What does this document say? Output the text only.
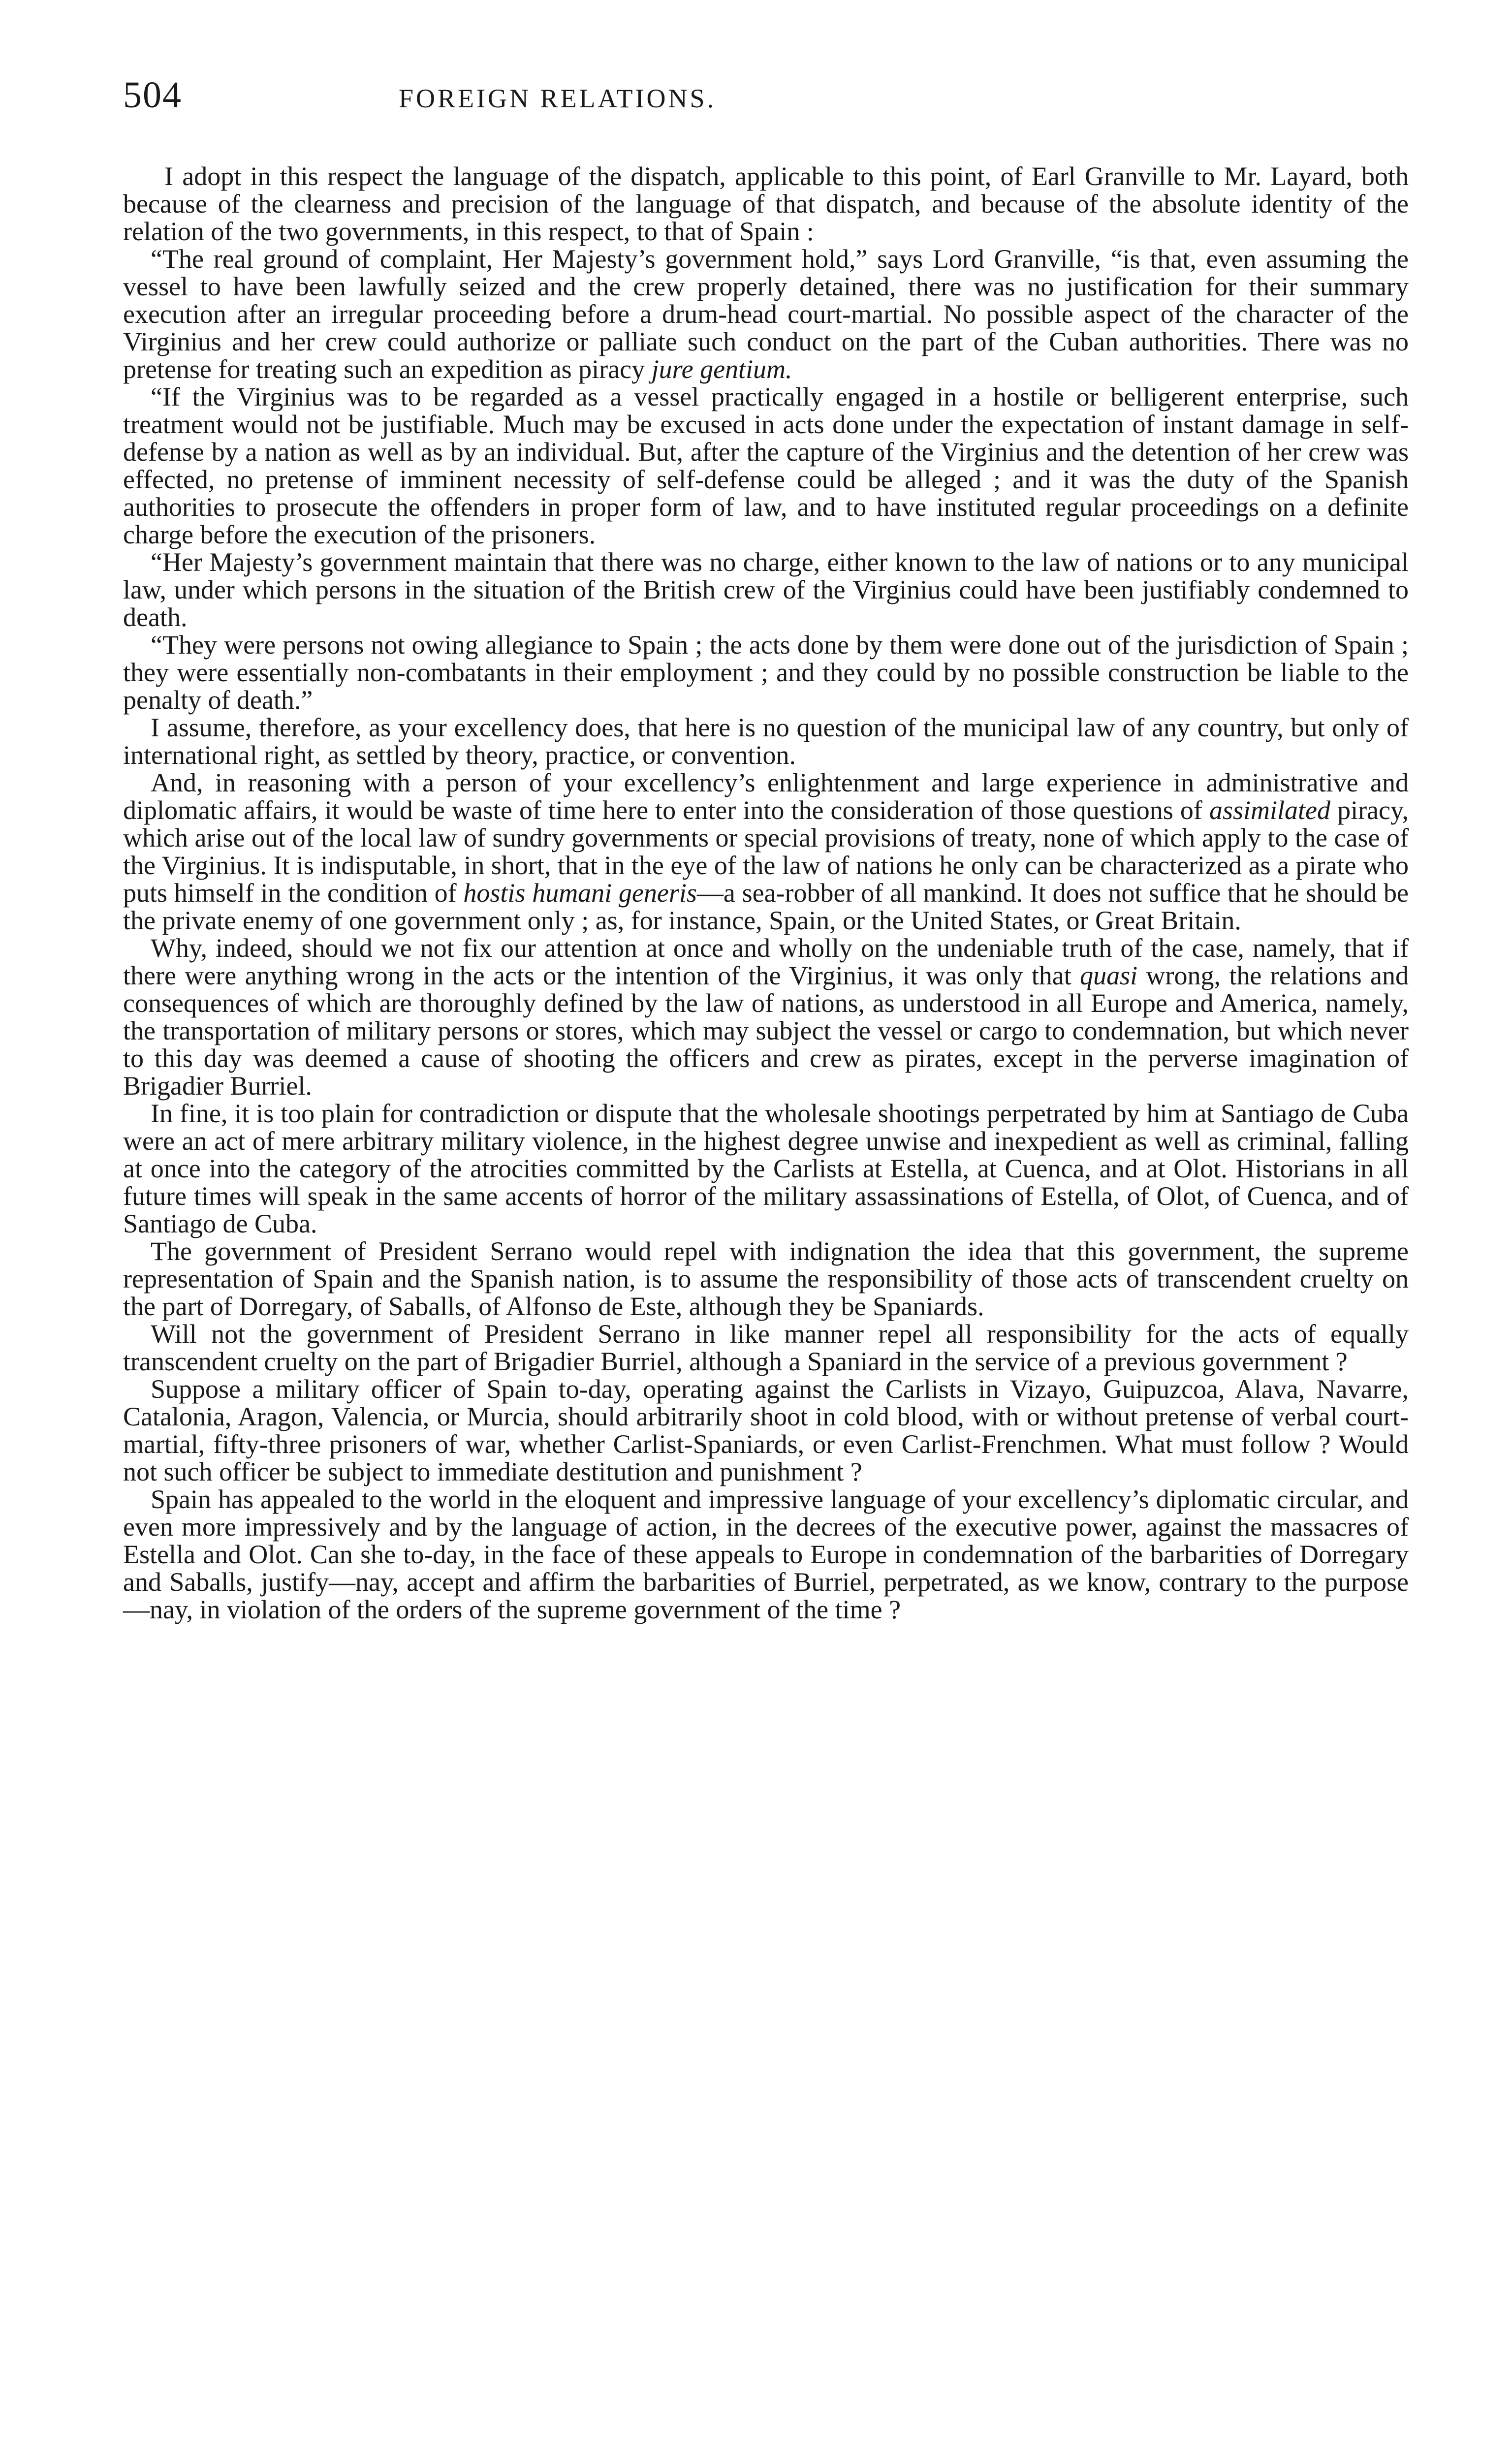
504	FOREIGN RELATIONS.

I adopt in this respect the language of the dispatch, applicable to this point, of Earl Granville to Mr. Layard, both because of the clearness and precision of the language of that dispatch, and because of the absolute identity of the relation of the two governments, in this respect, to that of Spain :

“The real ground of complaint, Her Majesty’s government hold,” says Lord Granville, “is that, even assuming the vessel to have been lawfully seized and the crew properly detained, there was no justification for their summary execution after an irregular proceeding before a drum-head court-martial. No possible aspect of the character of the Virginius and her crew could authorize or palliate such conduct on the part of the Cuban authorities. There was no pretense for treating such an expedition as piracy jure gentium.

“If the Virginius was to be regarded as a vessel practically engaged in a hostile or belligerent enterprise, such treatment would not be justifiable. Much may be excused in acts done under the expectation of instant damage in self-defense by a nation as well as by an individual. But, after the capture of the Virginius and the detention of her crew was effected, no pretense of imminent necessity of self-defense could be alleged ; and it was the duty of the Spanish authorities to prosecute the offenders in proper form of law, and to have instituted regular proceedings on a definite charge before the execution of the prisoners.

“Her Majesty’s government maintain that there was no charge, either known to the law of nations or to any municipal law, under which persons in the situation of the British crew of the Virginius could have been justifiably condemned to death.

“They were persons not owing allegiance to Spain ; the acts done by them were done out of the jurisdiction of Spain ; they were essentially non-combatants in their employment ; and they could by no possible construction be liable to the penalty of death.”

I assume, therefore, as your excellency does, that here is no question of the municipal law of any country, but only of international right, as settled by theory, practice, or convention.

And, in reasoning with a person of your excellency’s enlightenment and large experience in administrative and diplomatic affairs, it would be waste of time here to enter into the consideration of those questions of assimilated piracy, which arise out of the local law of sundry governments or special provisions of treaty, none of which apply to the case of the Virginius. It is indisputable, in short, that in the eye of the law of nations he only can be characterized as a pirate who puts himself in the condition of hostis humani generis—a sea-robber of all mankind. It does not suffice that he should be the private enemy of one government only ; as, for instance, Spain, or the United States, or Great Britain.

Why, indeed, should we not fix our attention at once and wholly on the undeniable truth of the case, namely, that if there were anything wrong in the acts or the intention of the Virginius, it was only that quasi wrong, the relations and consequences of which are thoroughly defined by the law of nations, as understood in all Europe and America, namely, the transportation of military persons or stores, which may subject the vessel or cargo to condemnation, but which never to this day was deemed a cause of shooting the officers and crew as pirates, except in the perverse imagination of Brigadier Burriel.

In fine, it is too plain for contradiction or dispute that the wholesale shootings perpetrated by him at Santiago de Cuba were an act of mere arbitrary military violence, in the highest degree unwise and inexpedient as well as criminal, falling at once into the category of the atrocities committed by the Carlists at Estella, at Cuenca, and at Olot. Historians in all future times will speak in the same accents of horror of the military assassinations of Estella, of Olot, of Cuenca, and of Santiago de Cuba.

The government of President Serrano would repel with indignation the idea that this government, the supreme representation of Spain and the Spanish nation, is to assume the responsibility of those acts of transcendent cruelty on the part of Dorregary, of Saballs, of Alfonso de Este, although they be Spaniards.

Will not the government of President Serrano in like manner repel all responsibility for the acts of equally transcendent cruelty on the part of Brigadier Burriel, although a Spaniard in the service of a previous government ?

Suppose a military officer of Spain to-day, operating against the Carlists in Vizayo, Guipuzcoa, Alava, Navarre, Catalonia, Aragon, Valencia, or Murcia, should arbitrarily shoot in cold blood, with or without pretense of verbal court-martial, fifty-three prisoners of war, whether Carlist-Spaniards, or even Carlist-Frenchmen. What must follow ? Would not such officer be subject to immediate destitution and punishment ?

Spain has appealed to the world in the eloquent and impressive language of your excellency’s diplomatic circular, and even more impressively and by the language of action, in the decrees of the executive power, against the massacres of Estella and Olot. Can she to-day, in the face of these appeals to Europe in condemnation of the barbarities of Dorregary and Saballs, justify—nay, accept and affirm the barbarities of Burriel, perpetrated, as we know, contrary to the purpose—nay, in violation of the orders of the supreme government of the time ?
